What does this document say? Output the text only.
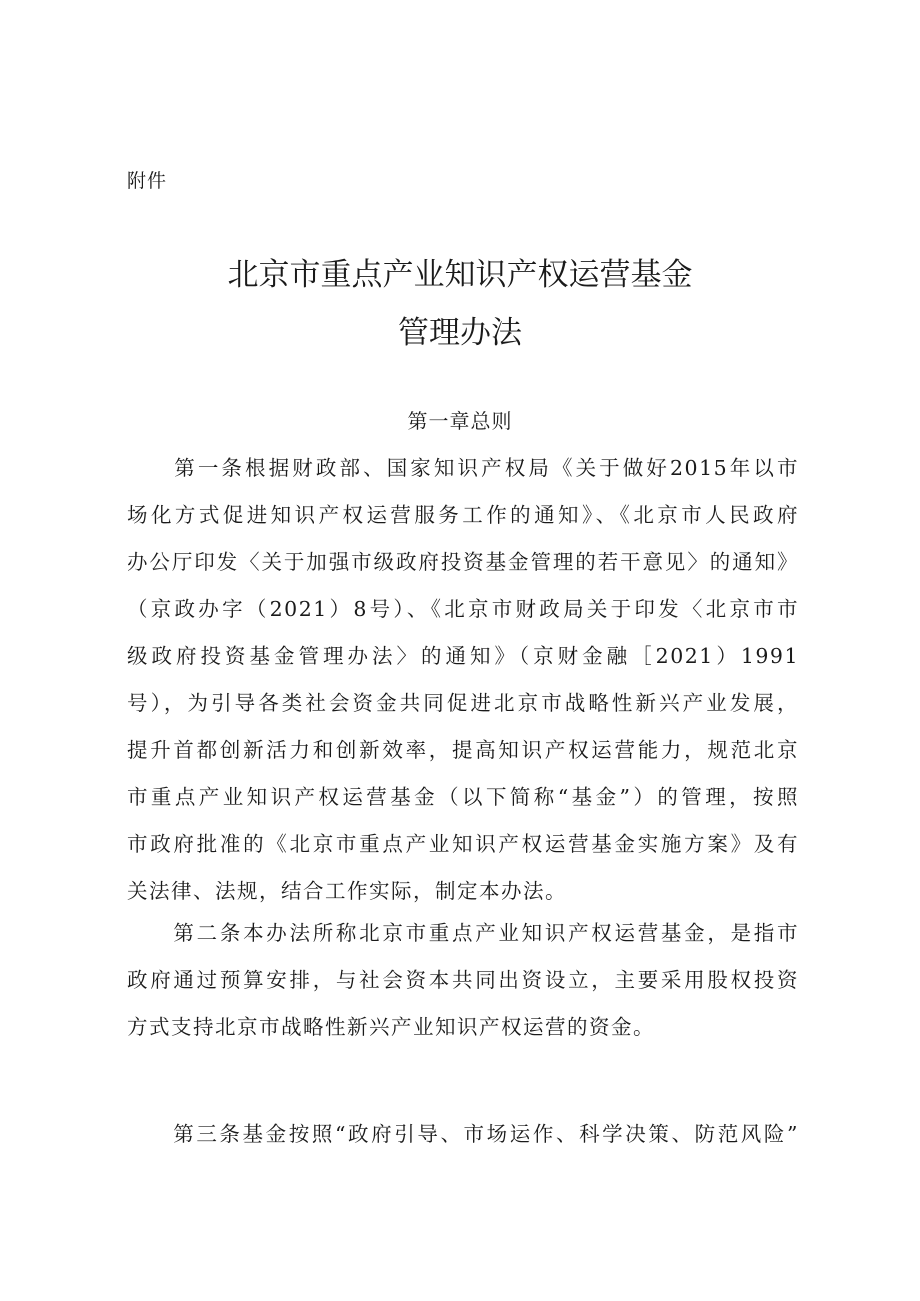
附件
北京市重点产业知识产权运营基金
管理办法
第一章总则
　　第一条根据财政部、国家知识产权局《关于做好2015年以市
场化方式促进知识产权运营服务工作的通知》、《北京市人民政府
办公厅印发〈关于加强市级政府投资基金管理的若干意见〉的通知》
（京政办字（2021）8号）、《北京市财政局关于印发〈北京市市
级政府投资基金管理办法〉的通知》（京财金融［2021）1991
号），为引导各类社会资金共同促进北京市战略性新兴产业发展，
提升首都创新活力和创新效率，提高知识产权运营能力，规范北京
市重点产业知识产权运营基金（以下简称“基金”）的管理，按照
市政府批准的《北京市重点产业知识产权运营基金实施方案》及有
关法律、法规，结合工作实际，制定本办法。
　　第二条本办法所称北京市重点产业知识产权运营基金，是指市
政府通过预算安排，与社会资本共同出资设立，主要采用股权投资
方式支持北京市战略性新兴产业知识产权运营的资金。
　　第三条基金按照“政府引导、市场运作、科学决策、防范风险”
